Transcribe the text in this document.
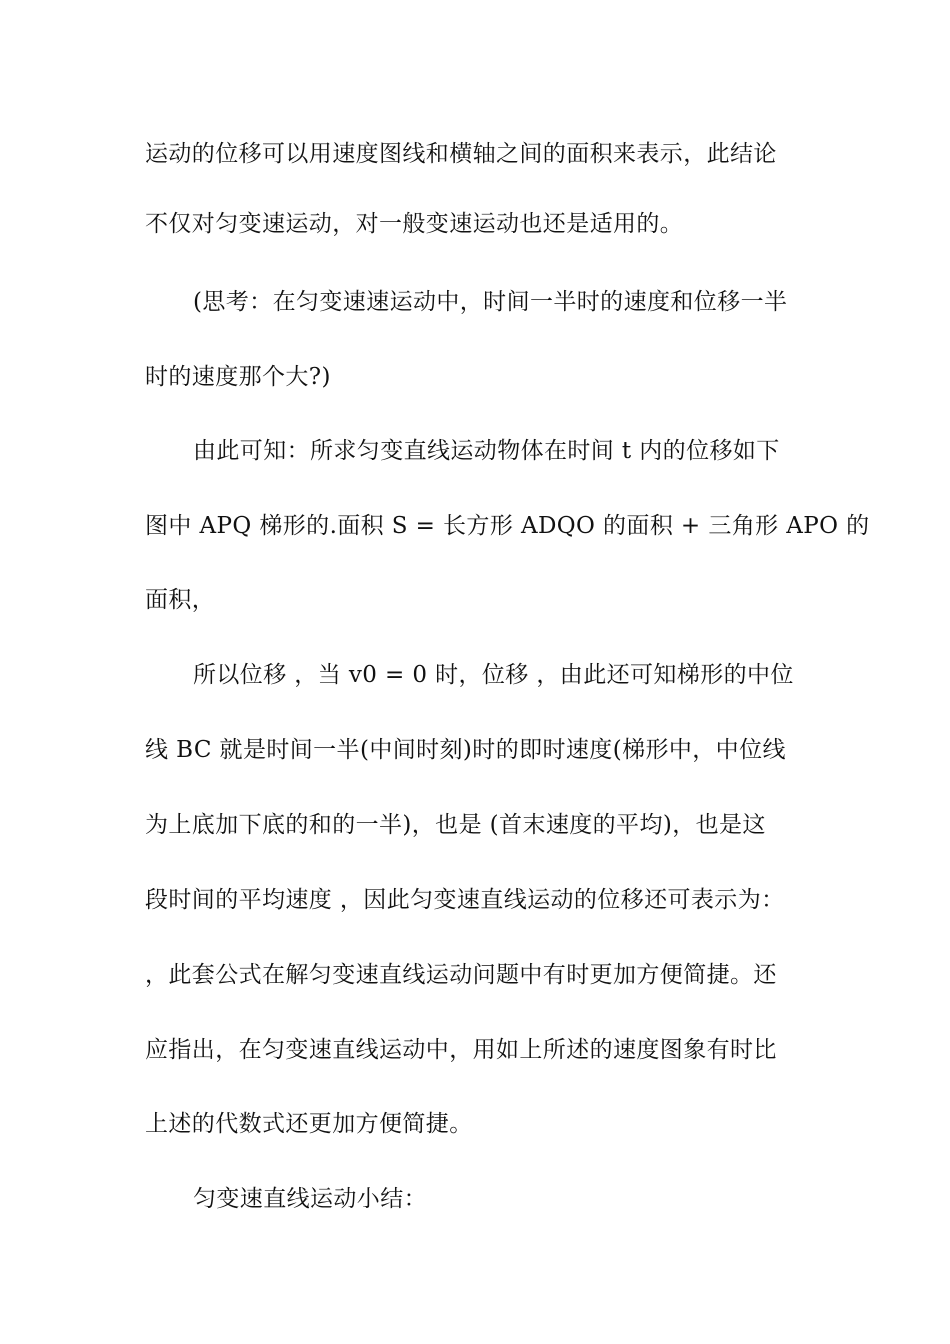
运动的位移可以用速度图线和横轴之间的面积来表示，此结论
不仅对匀变速运动，对一般变速运动也还是适用的。
(思考：在匀变速速运动中，时间一半时的速度和位移一半
时的速度那个大?)
由此可知：所求匀变直线运动物体在时间 t 内的位移如下
图中 APQ 梯形的.面积 S = 长方形 ADQO 的面积 + 三角形 APO 的
面积，
所以位移 ，当 v0 = 0 时，位移 ，由此还可知梯形的中位
线 BC 就是时间一半(中间时刻)时的即时速度(梯形中，中位线
为上底加下底的和的一半)，也是 (首末速度的平均)，也是这
段时间的平均速度 ，因此匀变速直线运动的位移还可表示为：
，此套公式在解匀变速直线运动问题中有时更加方便简捷。还
应指出，在匀变速直线运动中，用如上所述的速度图象有时比
上述的代数式还更加方便简捷。
匀变速直线运动小结：
